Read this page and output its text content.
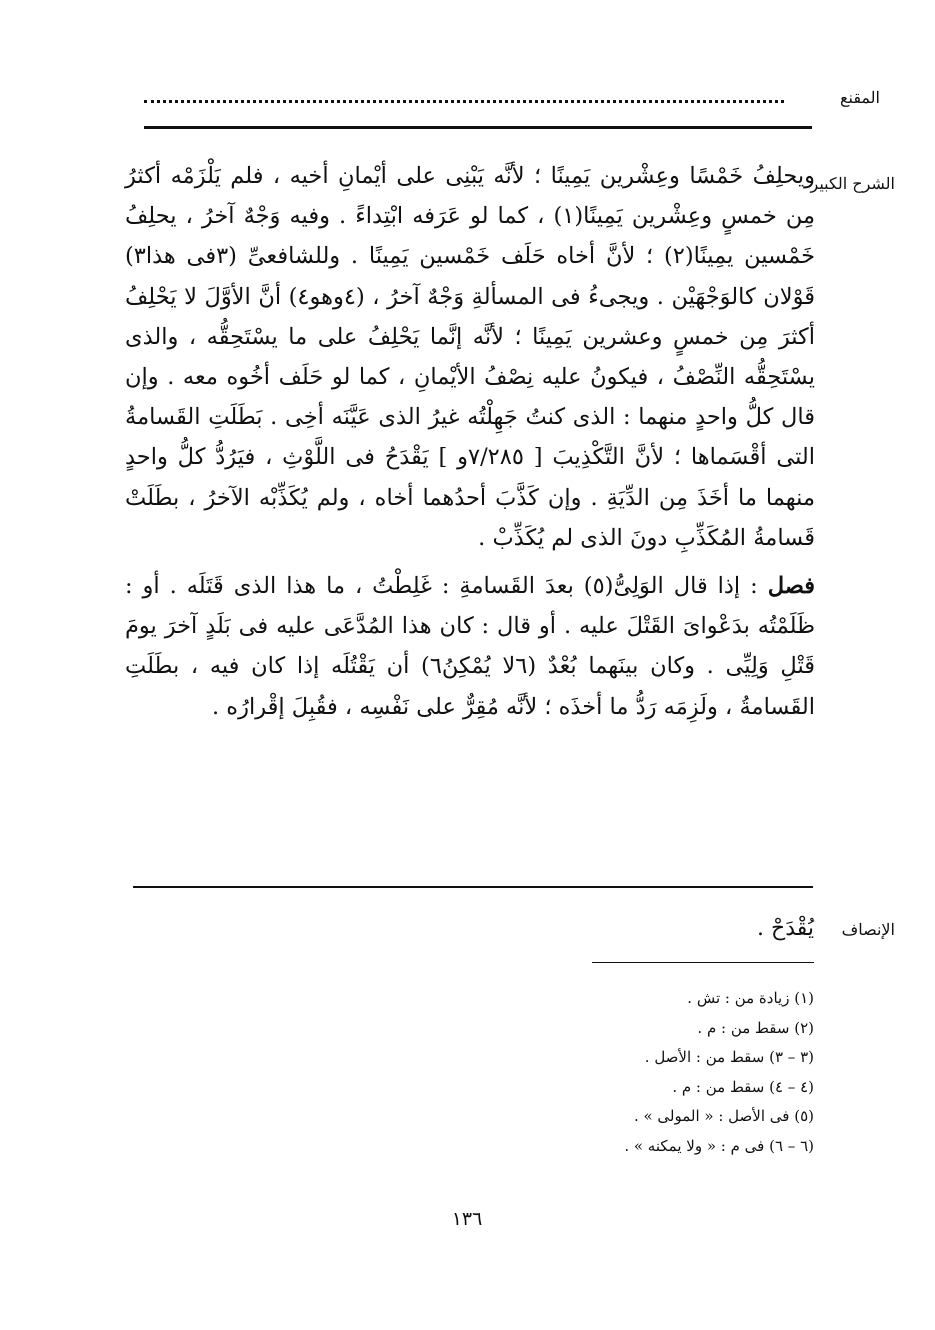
المقنع
الشرح الكبير

ويحلِفُ خَمْسًا وعِشْرين يَمِينًا ؛ لأنَّه يَبْنِى على أيْمانِ أخيه ، فلم يَلْزَمْه أكثرُ مِن خمسٍ وعِشْرين يَمِينًا(١) ، كما لو عَرَفه ابْتِداءً . وفيه وَجْهٌ آخرُ ، يحلِفُ خَمْسين يمِينًا(٢) ؛ لأنَّ أخاه حَلَف خَمْسين يَمِينًا . وللشافعىِّ (٣فى هذا٣) قَوْلان كالوَجْهَيْن . ويجىءُ فى المسألةِ وَجْهٌ آخرُ ، (٤وهو٤) أنَّ الأوَّلَ لا يَحْلِفُ أكثرَ مِن خمسٍ وعشرين يَمِينًا ؛ لأنَّه إنَّما يَحْلِفُ على ما يسْتَحِقُّه ، والذى يسْتَحِقُّه النِّصْفُ ، فيكونُ عليه نِصْفُ الأيْمانِ ، كما لو حَلَف أخُوه معه . وإن قال كلُّ واحدٍ منهما : الذى كنتُ جَهِلْتُه غيرُ الذى عَيَّنَه أخِى . بَطَلَتِ القَسامةُ التى أقْسَماها ؛ لأنَّ التَّكْذِيبَ [ ٧/٢٨٥و ] يَقْدَحُ فى اللَّوْثِ ، فيَرُدُّ كلُّ واحدٍ منهما ما أخَذَ مِن الدِّيَةِ . وإن كَذَّبَ أحدُهما أخاه ، ولم يُكَذِّبْه الآخرُ ، بطَلَتْ قَسامةُ المُكَذِّبِ دونَ الذى لم يُكَذِّبْ .

فصل : إذا قال الوَلِىُّ(٥) بعدَ القَسامةِ : غَلِطْتُ ، ما هذا الذى قَتَلَه . أو : ظَلَمْتُه بدَعْواىَ القَتْلَ عليه . أو قال : كان هذا المُدَّعَى عليه فى بَلَدٍ آخرَ يومَ قَتْلِ وَلِيِّى . وكان بينَهما بُعْدٌ (٦لا يُمْكِنُ٦) أن يَقْتُلَه إذا كان فيه ، بطَلَتِ القَسامةُ ، ولَزِمَه رَدُّ ما أخذَه ؛ لأنَّه مُقِرٌّ على نَفْسِه ، فقُبِلَ إقْرارُه .

الإنصاف
يُقْدَحْ .
(١) زيادة من : تش .
(٢) سقط من : م .
(٣ – ٣) سقط من : الأصل .
(٤ – ٤) سقط من : م .
(٥) فى الأصل : « المولى » .
(٦ – ٦) فى م : « ولا يمكنه » .
١٣٦
